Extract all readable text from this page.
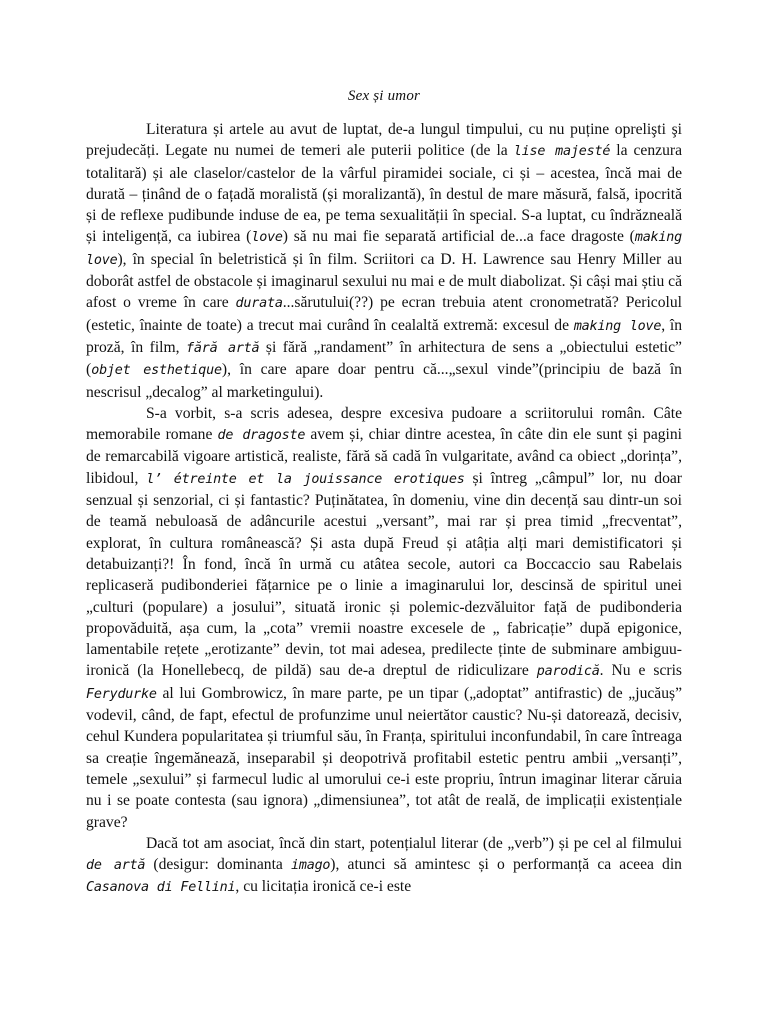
Sex și umor

Literatura și artele au avut de luptat, de-a lungul timpului, cu nu puține oprelişti şi prejudecăți. Legate nu numei de temeri ale puterii politice (de la lise majesté la cenzura totalitară) și ale claselor/castelor de la vârful piramidei sociale, ci și – acestea, încă mai de durată – ținând de o fațadă moralistă (și moralizantă), în destul de mare măsură, falsă, ipocrită și de reflexe pudibunde induse de ea, pe tema sexualității în special. S-a luptat, cu îndrăzneală și inteligență, ca iubirea (love) să nu mai fie separată artificial de...a face dragoste (making love), în special în beletristică și în film. Scriitori ca D. H. Lawrence sau Henry Miller au doborât astfel de obstacole și imaginarul sexului nu mai e de mult diabolizat. Și câși mai știu că afost o vreme în care durata...sărutului(??) pe ecran trebuia atent cronometrată? Pericolul (estetic, înainte de toate) a trecut mai curând în cealaltă extremă: excesul de making love, în proză, în film, fără artă și fără „randament” în arhitectura de sens a „obiectului estetic” (objet esthetique), în care apare doar pentru că...„sexul vinde”(principiu de bază în nescrisul „decalog” al marketingului).

S-a vorbit, s-a scris adesea, despre excesiva pudoare a scriitorului român. Câte memorabile romane de dragoste avem și, chiar dintre acestea, în câte din ele sunt și pagini de remarcabilă vigoare artistică, realiste, fără să cadă în vulgaritate, având ca obiect „dorința”, libidoul, l’ étreinte et la jouissance erotiques și întreg „câmpul” lor, nu doar senzual și senzorial, ci și fantastic? Puținătatea, în domeniu, vine din decență sau dintr-un soi de teamă nebuloasă de adâncurile acestui „versant”, mai rar și prea timid „frecventat”, explorat, în cultura românească? Și asta după Freud și atâția alți mari demistificatori și detabuizanți?! În fond, încă în urmă cu atâtea secole, autori ca Boccaccio sau Rabelais replicaseră pudibonderiei fățarnice pe o linie a imaginarului lor, descinsă de spiritul unei „culturi (populare) a josului”, situată ironic și polemic-dezvăluitor față de pudibonderia propovăduită, așa cum, la „cota” vremii noastre excesele de „ fabricație” după epigonice, lamentabile rețete „erotizante” devin, tot mai adesea, predilecte ținte de subminare ambiguu-ironică (la Honellebecq, de pildă) sau de-a dreptul de ridiculizare parodică. Nu e scris Ferydurke al lui Gombrowicz, în mare parte, pe un tipar („adoptat” antifrastic) de „jucăuș” vodevil, când, de fapt, efectul de profunzime unul neiertător caustic? Nu-și datorează, decisiv, cehul Kundera popularitatea și triumful său, în Franța, spiritului inconfundabil, în care întreaga sa creație îngemănează, inseparabil și deopotrivă profitabil estetic pentru ambii „versanți”, temele „sexului” și farmecul ludic al umorului ce-i este propriu, întrun imaginar literar căruia nu i se poate contesta (sau ignora) „dimensiunea”, tot atât de reală, de implicații existențiale grave?

Dacă tot am asociat, încă din start, potențialul literar (de „verb”) și pe cel al filmului de artă (desigur: dominanta imago), atunci să amintesc și o performanță ca aceea din Casanova di Fellini, cu licitația ironică ce-i este
